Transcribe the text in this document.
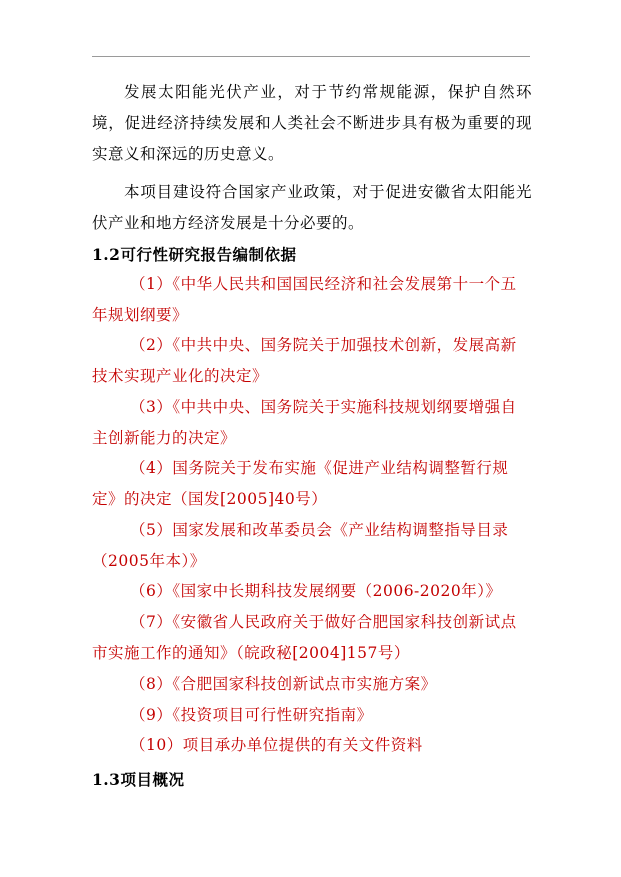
发展太阳能光伏产业，对于节约常规能源，保护自然环境，促进经济持续发展和人类社会不断进步具有极为重要的现实意义和深远的历史意义。

本项目建设符合国家产业政策，对于促进安徽省太阳能光伏产业和地方经济发展是十分必要的。

1.2可行性研究报告编制依据

（1）《中华人民共和国国民经济和社会发展第十一个五年规划纲要》

（2）《中共中央、国务院关于加强技术创新，发展高新技术实现产业化的决定》

（3）《中共中央、国务院关于实施科技规划纲要增强自主创新能力的决定》

（4）国务院关于发布实施《促进产业结构调整暂行规定》的决定（国发[2005]40号）

（5）国家发展和改革委员会《产业结构调整指导目录（2005年本）》

（6）《国家中长期科技发展纲要（2006-2020年）》

（7）《安徽省人民政府关于做好合肥国家科技创新试点市实施工作的通知》（皖政秘[2004]157号）

（8）《合肥国家科技创新试点市实施方案》

（9）《投资项目可行性研究指南》

（10）项目承办单位提供的有关文件资料

1.3项目概况
